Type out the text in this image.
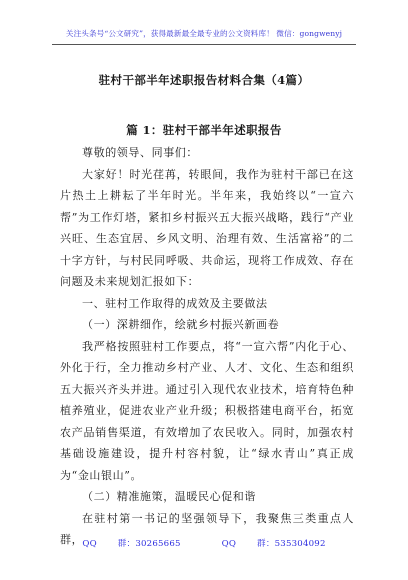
关注头条号“公文研究”，获得最新最全最专业的公文资料库！ 微信：gongwenyj
驻村干部半年述职报告材料合集（4篇）
篇 1：驻村干部半年述职报告

尊敬的领导、同事们：

大家好！时光荏苒，转眼间，我作为驻村干部已在这片热土上耕耘了半年时光。半年来，我始终以“一宣六帮”为工作灯塔，紧扣乡村振兴五大振兴战略，践行“产业兴旺、生态宜居、乡风文明、治理有效、生活富裕”的二十字方针，与村民同呼吸、共命运，现将工作成效、存在问题及未来规划汇报如下：

一、驻村工作取得的成效及主要做法

（一）深耕细作，绘就乡村振兴新画卷

我严格按照驻村工作要点，将“一宣六帮”内化于心、外化于行，全力推动乡村产业、人才、文化、生态和组织五大振兴齐头并进。通过引入现代农业技术，培育特色种植养殖业，促进农业产业升级；积极搭建电商平台，拓宽农产品销售渠道，有效增加了农民收入。同时，加强农村基础设施建设，提升村容村貌，让“绿水青山”真正成为“金山银山”。

（二）精准施策，温暖民心促和谐

在驻村第一书记的坚强领导下，我聚焦三类重点人群， QQ 群：30265665	QQ 群：535304092
